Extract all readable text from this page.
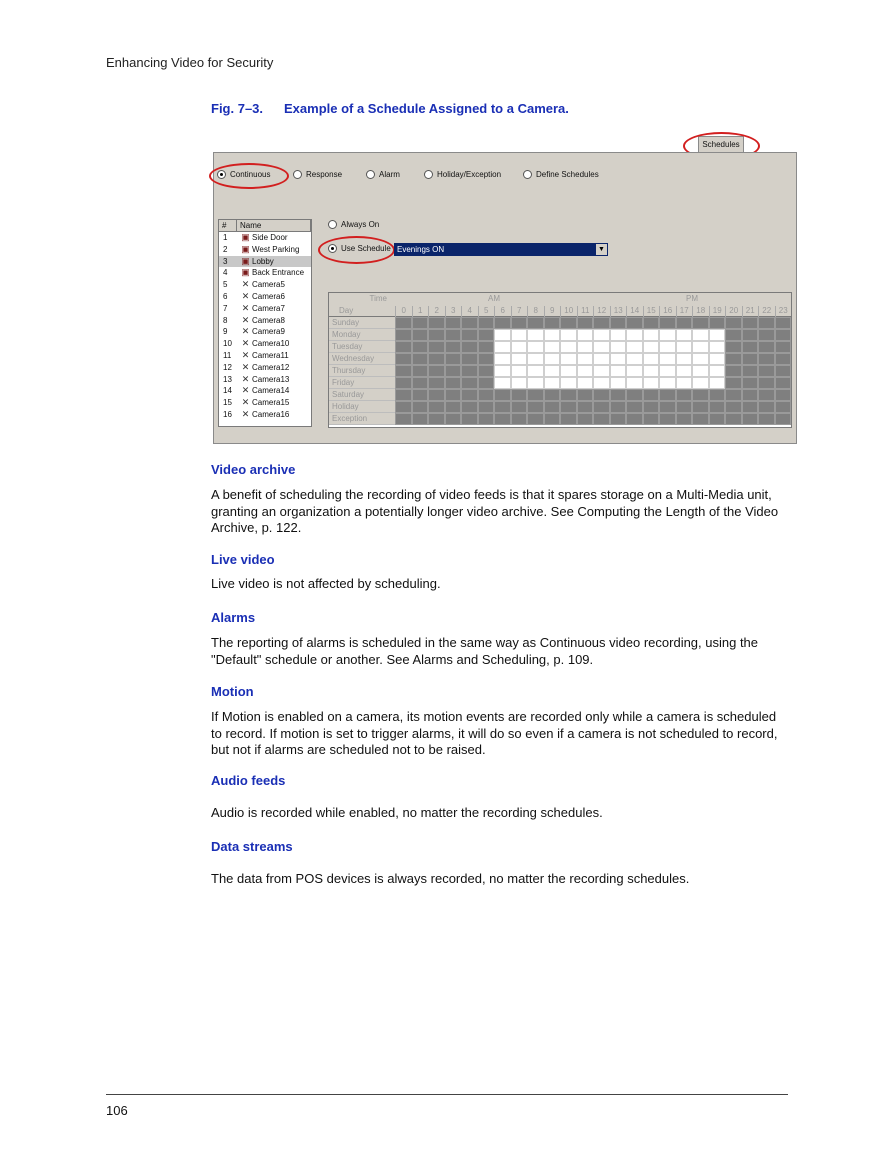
Enhancing Video for Security
Fig. 7–3. Example of a Schedule Assigned to a Camera.
Schedules
Continuous	Response	Alarm	Holiday/Exception	Define Schedules
#	Name
1	▣ Side Door
2	▣ West Parking
3	▣ Lobby
4	▣ Back Entrance
5	✕ Camera5
6	✕ Camera6
7	✕ Camera7
8	✕ Camera8
9	✕ Camera9
10	✕ Camera10
11	✕ Camera11
12	✕ Camera12
13	✕ Camera13
14	✕ Camera14
15	✕ Camera15
16	✕ Camera16
Always On
Use Schedule Evenings ON	▼
Time
Day
AM	PM
0	1	2	3	4	5	6	7	8	9	10 11 12 13 14 15 16 17 18 19 20 21 22 23
Sunday
Monday
Tuesday
Wednesday
Thursday
Friday
Saturday
Holiday
Exception
Video archive
A benefit of scheduling the recording of video feeds is that it spares storage on a Multi-Media unit, granting an organization a potentially longer video archive. See Computing the Length of the Video Archive, p. 122.
Live video
Live video is not affected by scheduling.
Alarms
The reporting of alarms is scheduled in the same way as Continuous video recording, using the "Default" schedule or another. See Alarms and Scheduling, p. 109.
Motion
If Motion is enabled on a camera, its motion events are recorded only while a camera is scheduled to record. If motion is set to trigger alarms, it will do so even if a camera is not scheduled to record, but not if alarms are scheduled not to be raised.
Audio feeds
Audio is recorded while enabled, no matter the recording schedules.
Data streams
The data from POS devices is always recorded, no matter the recording schedules.
106
